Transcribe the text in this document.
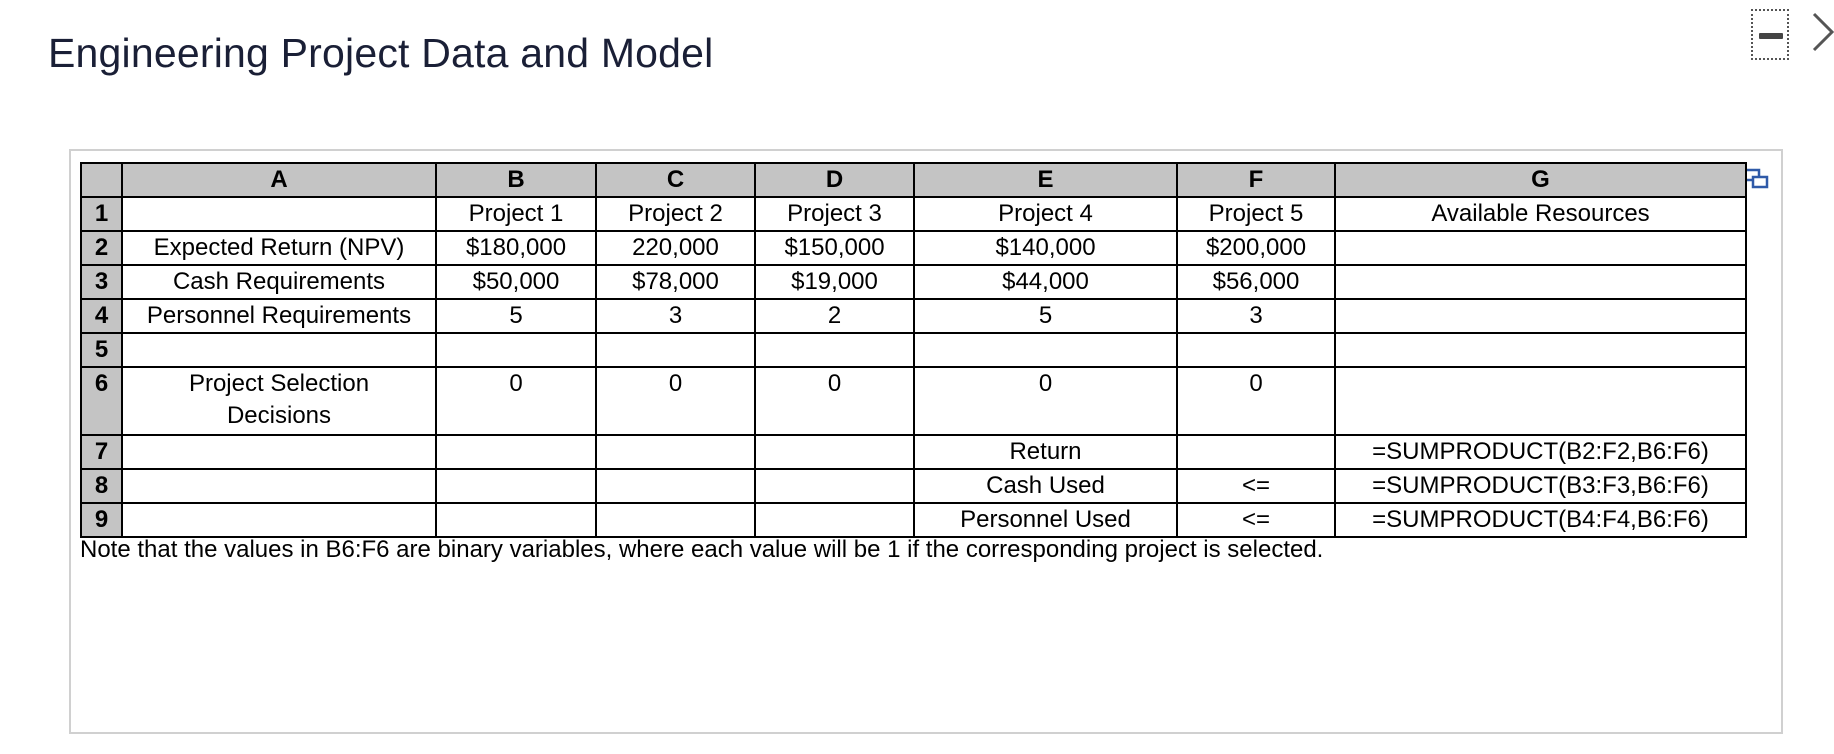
Engineering Project Data and Model
	A	B	C	D	E	F	G
1		Project 1	Project 2	Project 3	Project 4	Project 5	Available Resources
2	Expected Return (NPV)	$180,000	220,000	$150,000	$140,000	$200,000	
3	Cash Requirements	$50,000	$78,000	$19,000	$44,000	$56,000	
4	Personnel Requirements	5	3	2	5	3	
5							
6	Project Selection Decisions	0	0	0	0	0	
7					Return		=SUMPRODUCT(B2:F2,B6:F6)
8					Cash Used	<=	=SUMPRODUCT(B3:F3,B6:F6)
9					Personnel Used	<=	=SUMPRODUCT(B4:F4,B6:F6)
Note that the values in B6:F6 are binary variables, where each value will be 1 if the corresponding project is selected.
